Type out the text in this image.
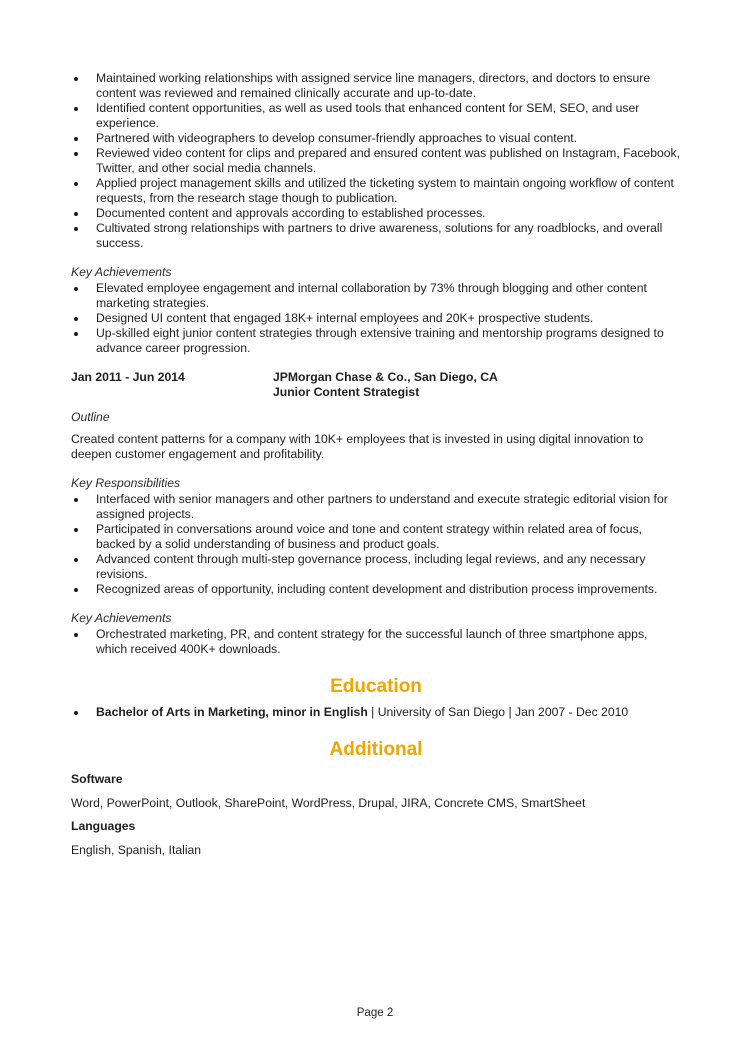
Maintained working relationships with assigned service line managers, directors, and doctors to ensure content was reviewed and remained clinically accurate and up-to-date.
Identified content opportunities, as well as used tools that enhanced content for SEM, SEO, and user experience.
Partnered with videographers to develop consumer-friendly approaches to visual content.
Reviewed video content for clips and prepared and ensured content was published on Instagram, Facebook, Twitter, and other social media channels.
Applied project management skills and utilized the ticketing system to maintain ongoing workflow of content requests, from the research stage though to publication.
Documented content and approvals according to established processes.
Cultivated strong relationships with partners to drive awareness, solutions for any roadblocks, and overall success.
Key Achievements
Elevated employee engagement and internal collaboration by 73% through blogging and other content marketing strategies.
Designed UI content that engaged 18K+ internal employees and 20K+ prospective students.
Up-skilled eight junior content strategies through extensive training and mentorship programs designed to advance career progression.
Jan 2011 - Jun 2014	JPMorgan Chase & Co., San Diego, CA
Junior Content Strategist
Outline
Created content patterns for a company with 10K+ employees that is invested in using digital innovation to deepen customer engagement and profitability.
Key Responsibilities
Interfaced with senior managers and other partners to understand and execute strategic editorial vision for assigned projects.
Participated in conversations around voice and tone and content strategy within related area of focus, backed by a solid understanding of business and product goals.
Advanced content through multi-step governance process, including legal reviews, and any necessary revisions.
Recognized areas of opportunity, including content development and distribution process improvements.
Key Achievements
Orchestrated marketing, PR, and content strategy for the successful launch of three smartphone apps, which received 400K+ downloads.
Education
Bachelor of Arts in Marketing, minor in English | University of San Diego | Jan 2007 - Dec 2010
Additional
Software
Word, PowerPoint, Outlook, SharePoint, WordPress, Drupal, JIRA, Concrete CMS, SmartSheet
Languages
English, Spanish, Italian
Page 2
